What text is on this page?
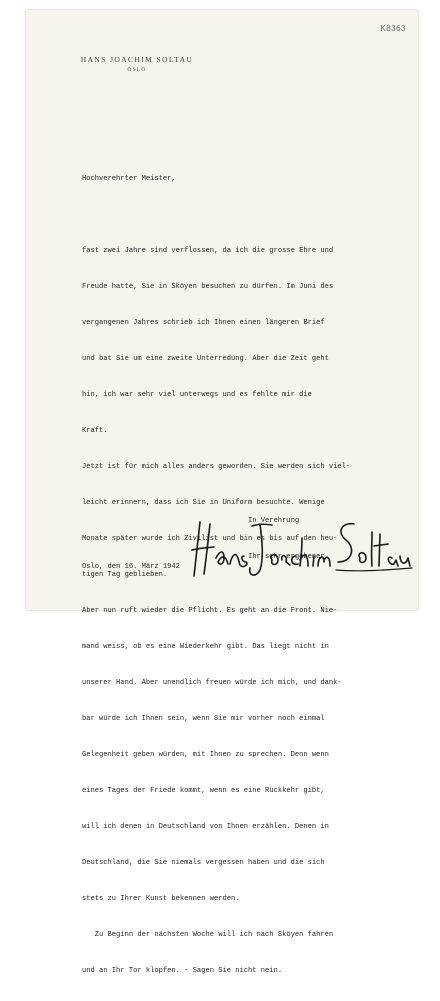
HANS JOACHIM SOLTAU
OSLO
K8363

Hochverehrter Meister,

fast zwei Jahre sind verflossen, da ich die grosse Ehre und

Freude hatte, Sie in Sköyen besuchen zu dürfen. Im Juni des

vergangenen Jahres schrieb ich Ihnen einen längeren Brief

und bat Sie um eine zweite Unterredung. Aber die Zeit geht

hin, ich war sehr viel unterwegs und es fehlte mir die

Kraft.

Jetzt ist für mich alles anders geworden. Sie werden sich viel-

leicht erinnern, dass ich Sie in Uniform besuchte. Wenige

Monate später wurde ich Zivilist und bin es bis auf den heu-

tigen Tag geblieben.

Aber nun ruft wieder die Pflicht. Es geht an die Front. Nie-

mand weiss, ob es eine Wiederkehr gibt. Das liegt nicht in

unserer Hand. Aber unendlich freuen würde ich mich, und dank-

bar würde ich Ihnen sein, wenn Sie mir vorher noch einmal

Gelegenheit geben würden, mit Ihnen zu sprechen. Denn wenn

eines Tages der Friede kommt, wenn es eine Rückkehr gibt,

will ich denen in Deutschland von Ihnen erzählen. Denen in

Deutschland, die Sie niemals vergessen haben und die sich

stets zu Ihrer Kunst bekennen werden.

Zu Beginn der nächsten Woche will ich nach Sköyen fahren

und an Ihr Tor klopfen. - Sagen Sie nicht nein.

In Verehrung

Ihr sehr ergebener

Oslo, den 16. März 1942
